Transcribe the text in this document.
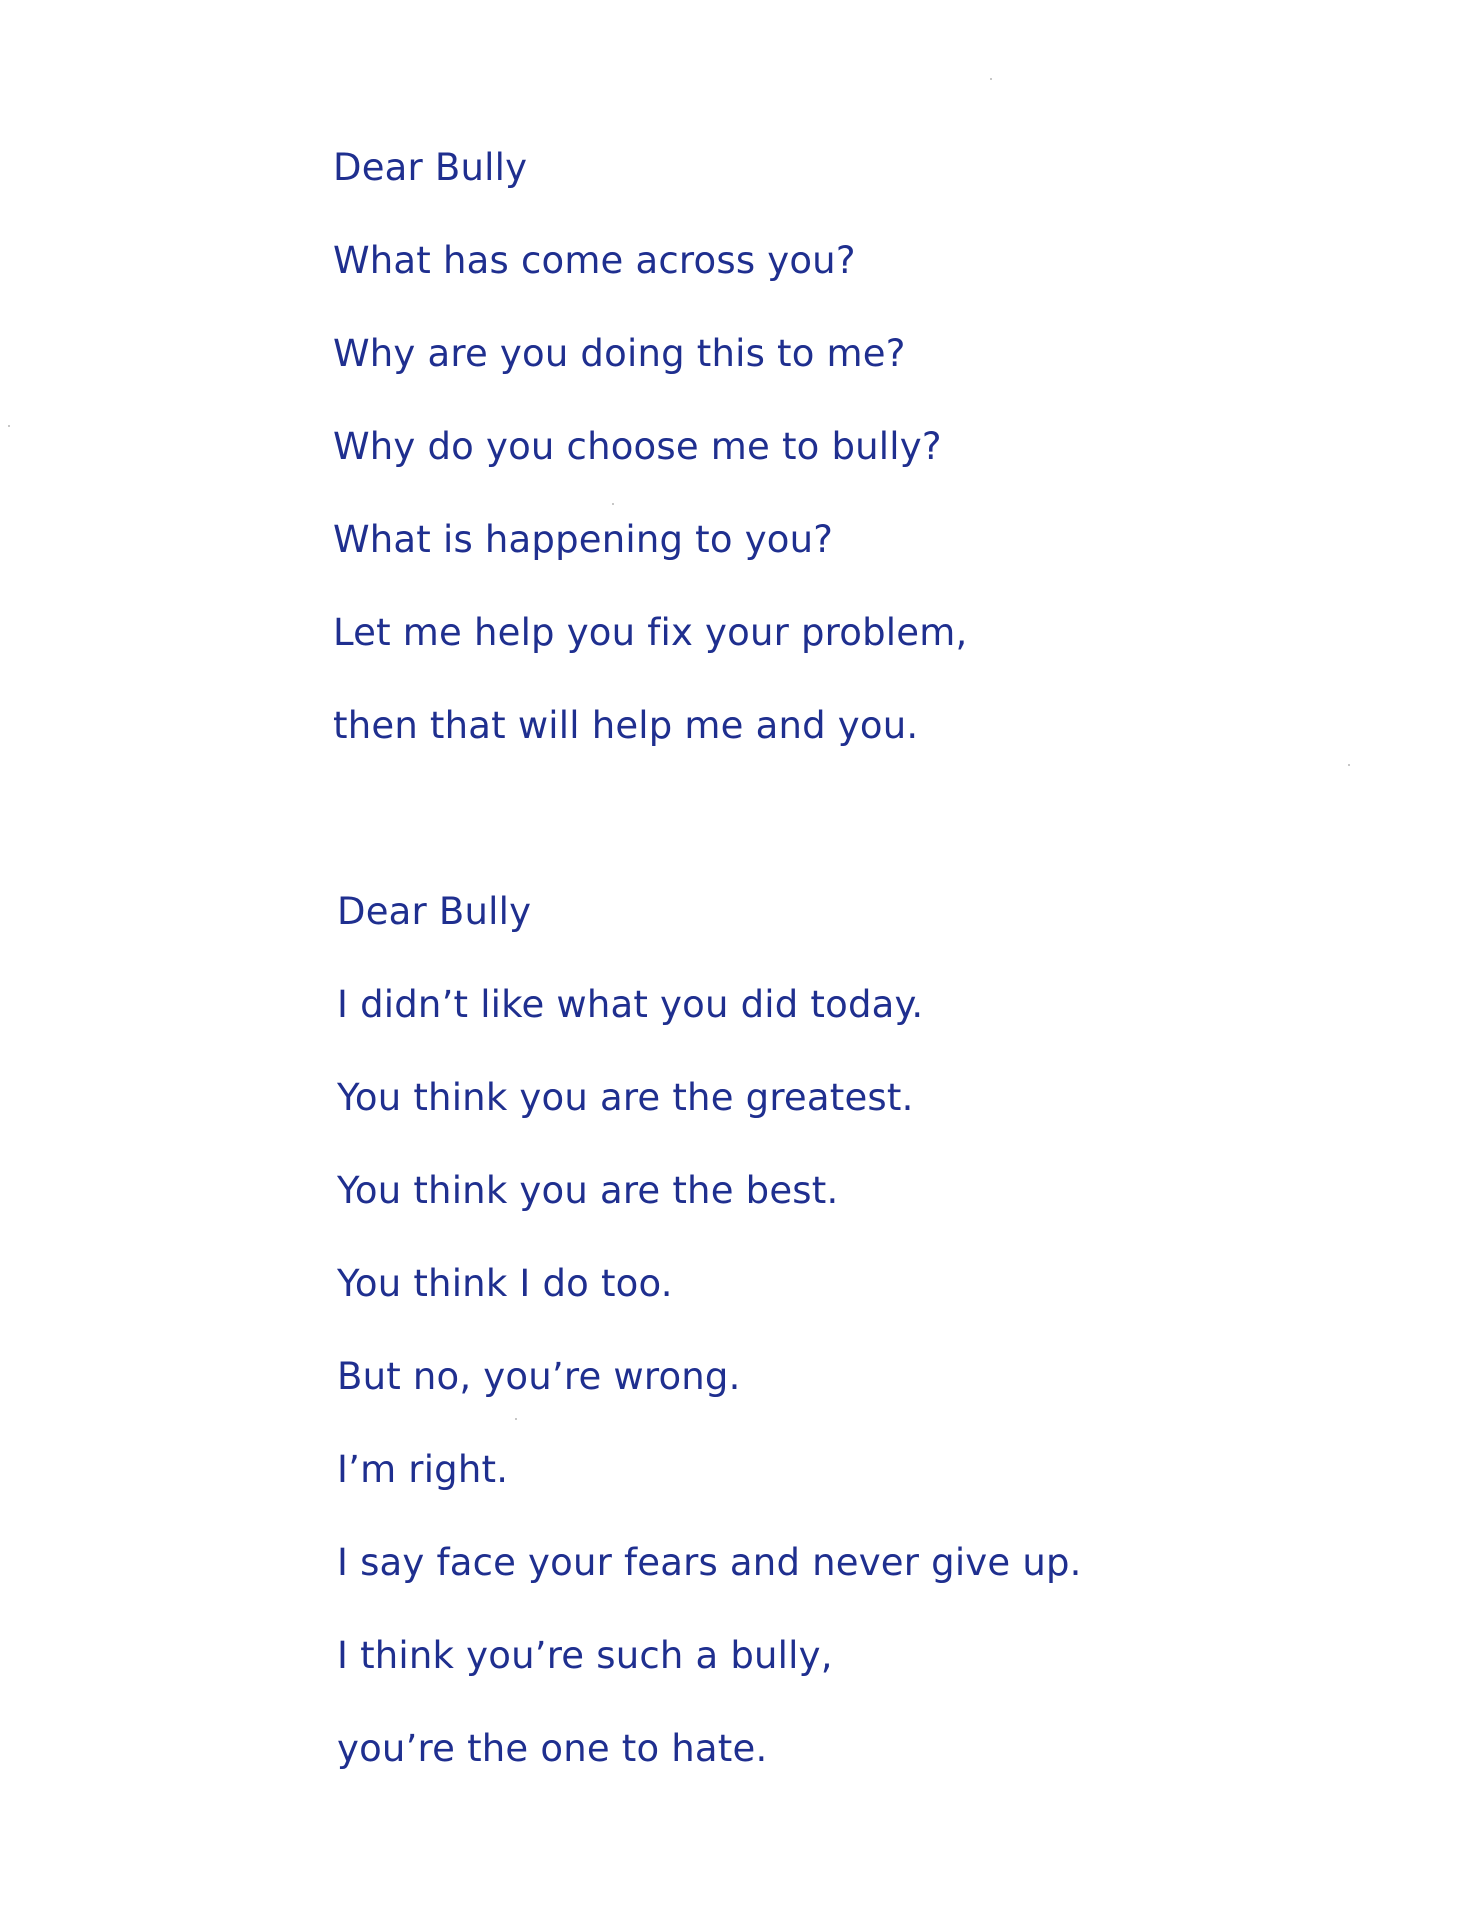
Dear Bully
What has come across you?
Why are you doing this to me?
Why do you choose me to bully?
What is happening to you?
Let me help you fix your problem,
then that will help me and you.
Dear Bully
I didn’t like what you did today.
You think you are the greatest.
You think you are the best.
You think I do too.
But no, you’re wrong.
I’m right.
I say face your fears and never give up.
I think you’re such a bully,
you’re the one to hate.
